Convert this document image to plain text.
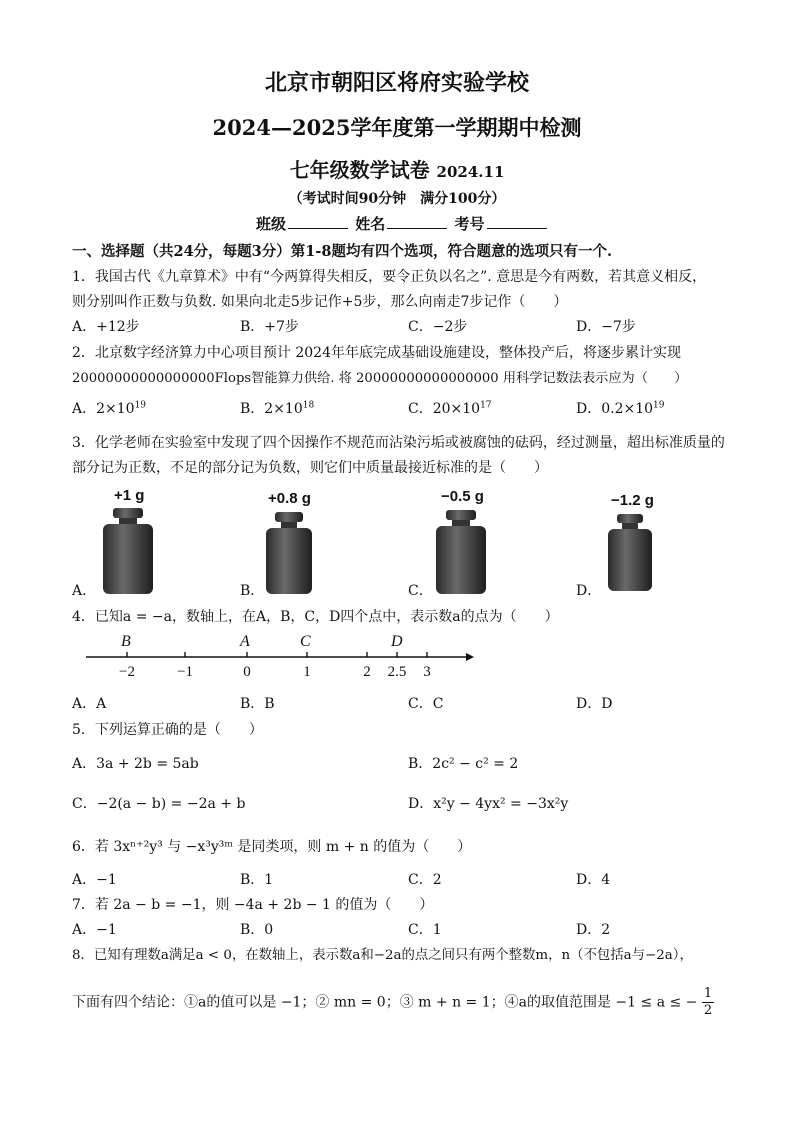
北京市朝阳区将府实验学校
2024—2025学年度第一学期期中检测
七年级数学试卷 2024.11
（考试时间90分钟　满分100分）
班级	姓名	考号
一、选择题（共24分，每题3分）第1-8题均有四个选项，符合题意的选项只有一个.
1．我国古代《九章算术》中有“今两算得失相反，要令正负以名之”. 意思是今有两数，若其意义相反，
则分别叫作正数与负数. 如果向北走5步记作+5步，那么向南走7步记作（　　）
A．+12步	B．+7步	C．−2步	D．−7步
2．北京数字经济算力中心项目预计 2024年年底完成基础设施建设，整体投产后，将逐步累计实现
20000000000000000Flops智能算力供给. 将 20000000000000000 用科学记数法表示应为（　　）
A．$2\times 10^{19}$	B．$2\times 10^{18}$	C．$20\times 10^{17}$	D．$0.2\times 10^{19}$
3．化学老师在实验室中发现了四个因操作不规范而沾染污垢或被腐蚀的砝码，经过测量，超出标准质量的
部分记为正数，不足的部分记为负数，则它们中质量最接近标准的是（　　）
+1 g	+0.8 g	−0.5 g	−1.2 g
A．	B．	C．	D．
4．已知a = −a，数轴上，在A，B，C，D四个点中，表示数a的点为（　　）
B	A	C	D
−2	−1	0	1	2 2.5 3
A．A	B．B	C．C	D．D
5．下列运算正确的是（　　）
A．3a + 2b = 5ab	B．2c² − c² = 2
C．−2(a − b) = −2a + b	D．x²y − 4yx² = −3x²y
6．若 3xⁿ⁺²y³ 与 −x³y³ᵐ 是同类项，则 m + n 的值为（　　）
A．−1	B．1	C．2	D．4
7．若 2a − b = −1，则 −4a + 2b − 1 的值为（　　）
A．−1	B．0	C．1	D．2
8．已知有理数a满足a < 0，在数轴上，表示数a和−2a的点之间只有两个整数m，n（不包括a与−2a），
下面有四个结论：①a的值可以是 −1；② mn = 0；③ m + n = 1；④a的取值范围是 −1 ≤ a ≤ − $\frac{1}{2}$
